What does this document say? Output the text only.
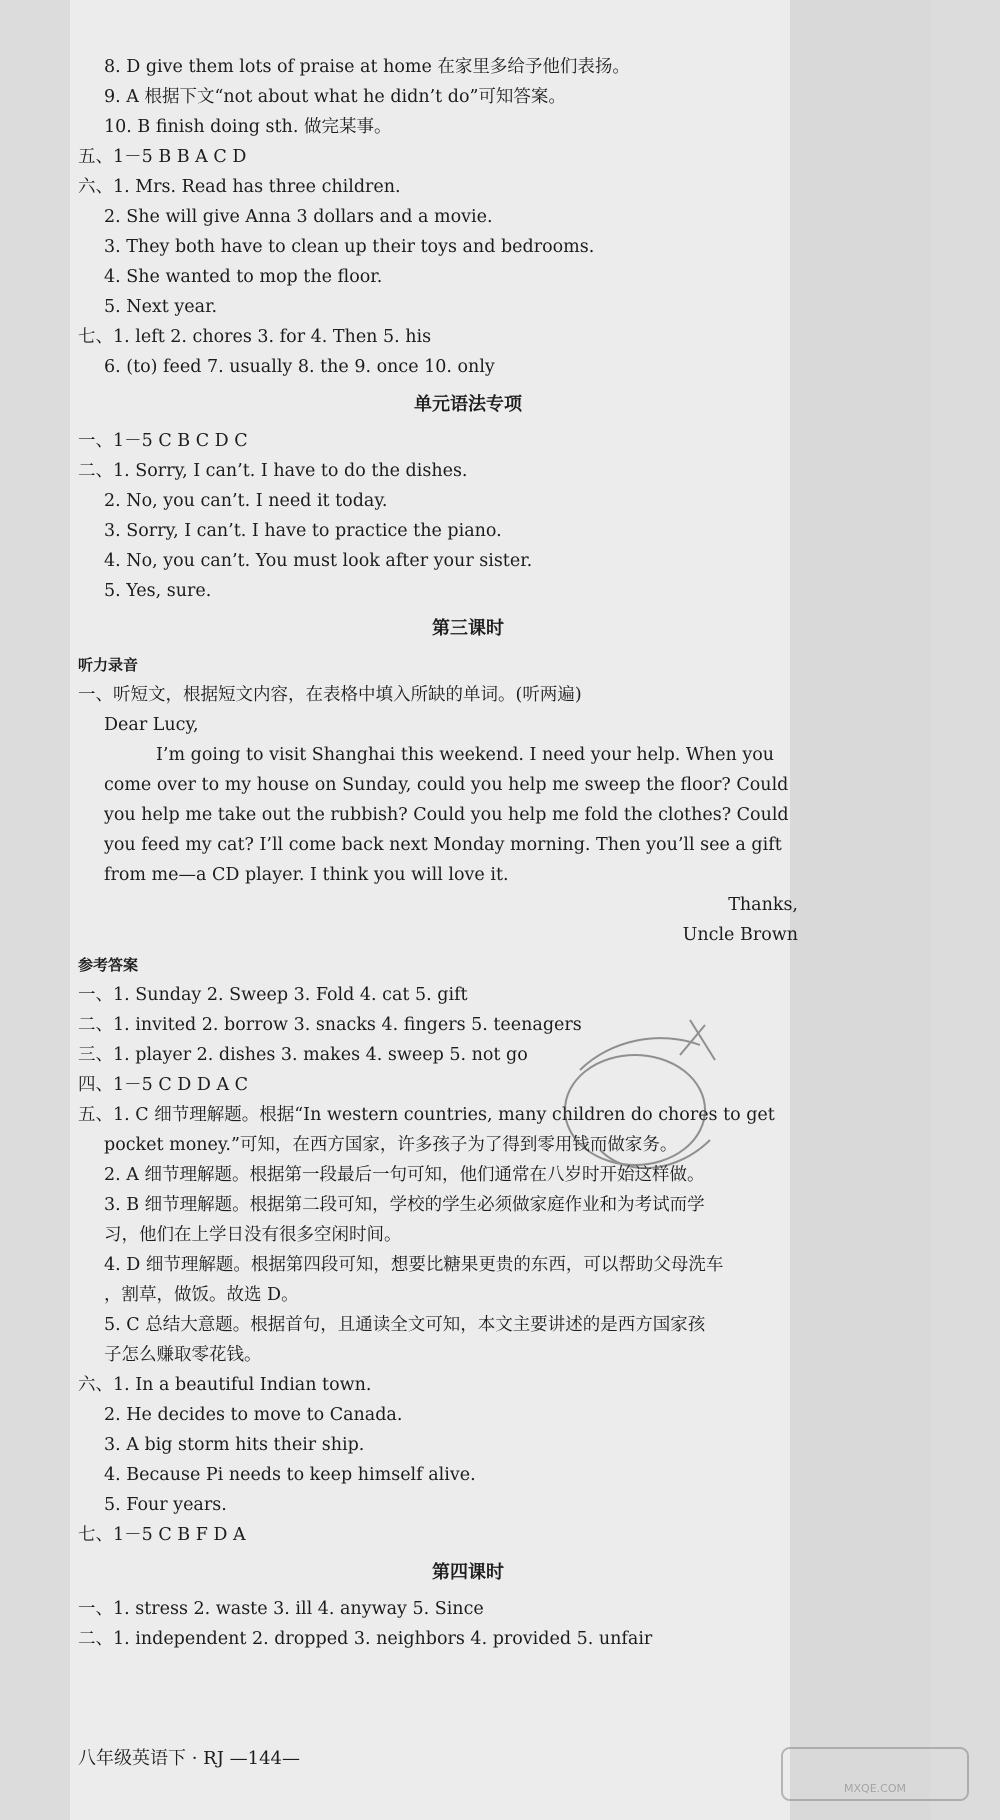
8. D give them lots of praise at home 在家里多给予他们表扬。
9. A 根据下文“not about what he didn’t do”可知答案。
10. B finish doing sth. 做完某事。
五、1－5 B B A C D
六、1. Mrs. Read has three children.
2. She will give Anna 3 dollars and a movie.
3. They both have to clean up their toys and bedrooms.
4. She wanted to mop the floor.
5. Next year.
七、1. left 2. chores 3. for 4. Then 5. his
6. (to) feed 7. usually 8. the 9. once 10. only
单元语法专项
一、1－5 C B C D C
二、1. Sorry, I can’t. I have to do the dishes.
2. No, you can’t. I need it today.
3. Sorry, I can’t. I have to practice the piano.
4. No, you can’t. You must look after your sister.
5. Yes, sure.
第三课时
听力录音
一、听短文，根据短文内容，在表格中填入所缺的单词。(听两遍)
Dear Lucy,
I’m going to visit Shanghai this weekend. I need your help. When you come over to my house on Sunday, could you help me sweep the floor? Could you help me take out the rubbish? Could you help me fold the clothes? Could you feed my cat? I’ll come back next Monday morning. Then you’ll see a gift from me—a CD player. I think you will love it.
Thanks,
Uncle Brown
参考答案
一、1. Sunday 2. Sweep 3. Fold 4. cat 5. gift
二、1. invited 2. borrow 3. snacks 4. fingers 5. teenagers
三、1. player 2. dishes 3. makes 4. sweep 5. not go
四、1－5 C D D A C
五、1. C 细节理解题。根据“In western countries, many children do chores to get
pocket money.”可知，在西方国家，许多孩子为了得到零用钱而做家务。
2. A 细节理解题。根据第一段最后一句可知，他们通常在八岁时开始这样做。
3. B 细节理解题。根据第二段可知，学校的学生必须做家庭作业和为考试而学
习，他们在上学日没有很多空闲时间。
4. D 细节理解题。根据第四段可知，想要比糖果更贵的东西，可以帮助父母洗车
，割草，做饭。故选 D。
5. C 总结大意题。根据首句，且通读全文可知，本文主要讲述的是西方国家孩
子怎么赚取零花钱。
六、1. In a beautiful Indian town.
2. He decides to move to Canada.
3. A big storm hits their ship.
4. Because Pi needs to keep himself alive.
5. Four years.
七、1－5 C B F D A
第四课时
一、1. stress 2. waste 3. ill 4. anyway 5. Since
二、1. independent 2. dropped 3. neighbors 4. provided 5. unfair
八年级英语下 · RJ —144—
MXQE.COM
